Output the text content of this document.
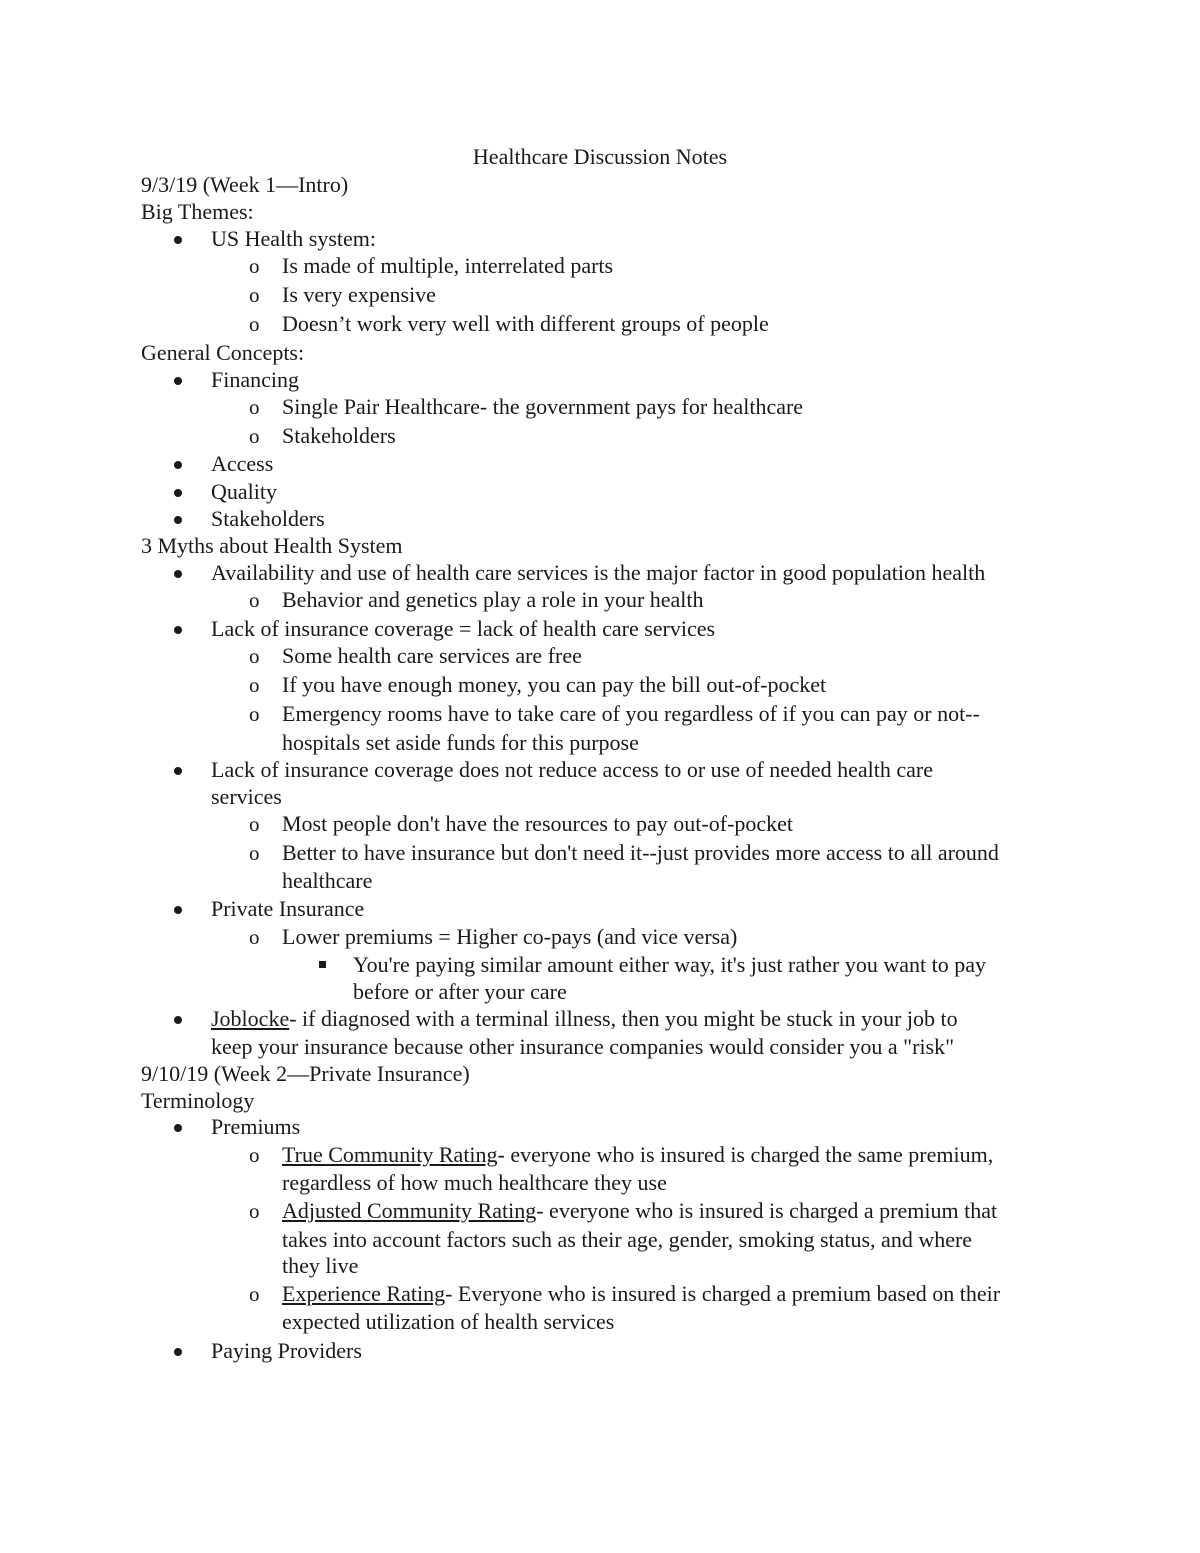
Healthcare Discussion Notes
9/3/19 (Week 1—Intro)
Big Themes:
US Health system:
o Is made of multiple, interrelated parts
o Is very expensive
o Doesn’t work very well with different groups of people
General Concepts:
Financing
o Single Pair Healthcare- the government pays for healthcare
o Stakeholders
Access
Quality
Stakeholders
3 Myths about Health System
Availability and use of health care services is the major factor in good population health
o Behavior and genetics play a role in your health
Lack of insurance coverage = lack of health care services
o Some health care services are free
o If you have enough money, you can pay the bill out-of-pocket
o Emergency rooms have to take care of you regardless of if you can pay or not--
hospitals set aside funds for this purpose
Lack of insurance coverage does not reduce access to or use of needed health care
services
o Most people don't have the resources to pay out-of-pocket
o Better to have insurance but don't need it--just provides more access to all around
healthcare
Private Insurance
o Lower premiums = Higher co-pays (and vice versa)
You're paying similar amount either way, it's just rather you want to pay
before or after your care
Joblocke- if diagnosed with a terminal illness, then you might be stuck in your job to
keep your insurance because other insurance companies would consider you a "risk"
9/10/19 (Week 2—Private Insurance)
Terminology
Premiums
o True Community Rating- everyone who is insured is charged the same premium,
regardless of how much healthcare they use
o Adjusted Community Rating- everyone who is insured is charged a premium that
takes into account factors such as their age, gender, smoking status, and where
they live
o Experience Rating- Everyone who is insured is charged a premium based on their
expected utilization of health services
Paying Providers
